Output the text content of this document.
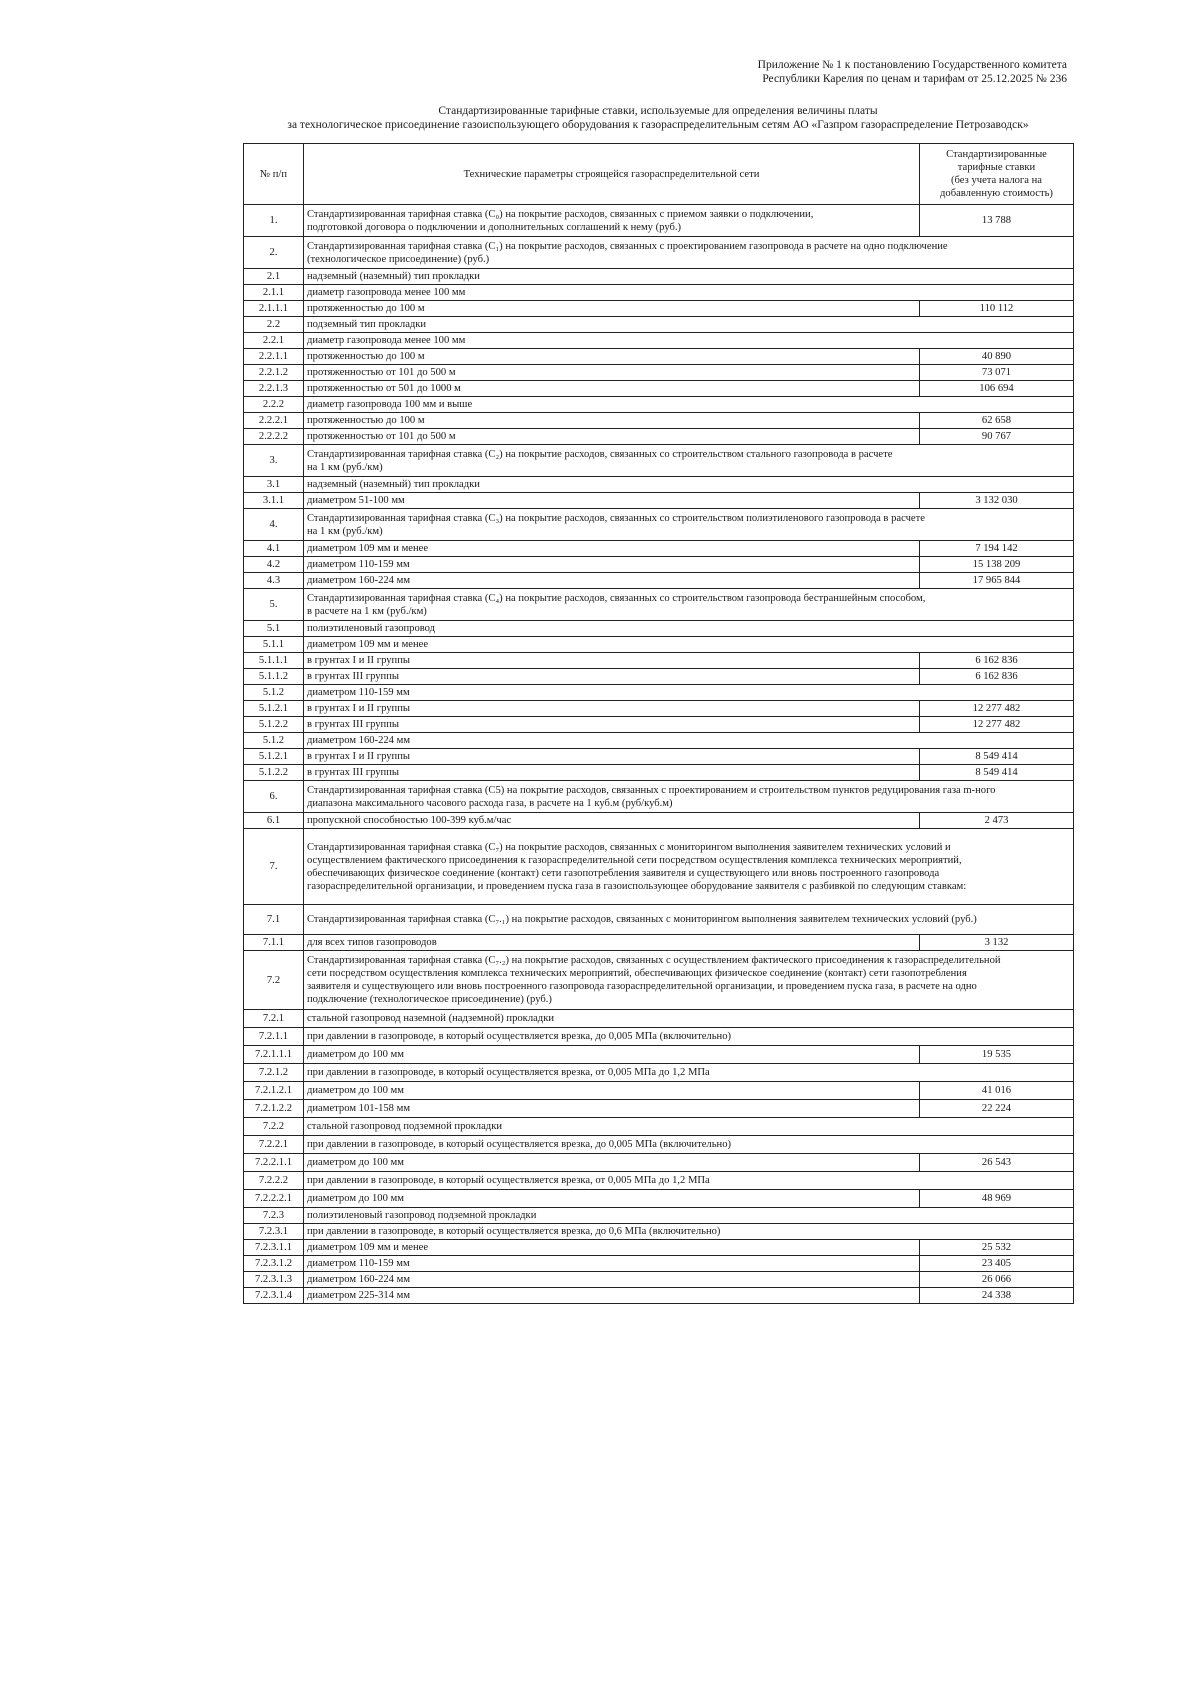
Приложение № 1 к постановлению Государственного комитета
Республики Карелия по ценам и тарифам от 25.12.2025 № 236
Стандартизированные тарифные ставки, используемые для определения величины платы
за технологическое присоединение газоиспользующего оборудования к газораспределительным сетям АО «Газпром газораспределение Петрозаводск»
№ п/п	Технические параметры строящейся газораспределительной сети	Стандартизированные
тарифные ставки
(без учета налога на
добавленную стоимость)
1.	Стандартизированная тарифная ставка (С₀) на покрытие расходов, связанных с приемом заявки о подключении,
подготовкой договора о подключении и дополнительных соглашений к нему (руб.)	13 788
2.	Стандартизированная тарифная ставка (С₁) на покрытие расходов, связанных с проектированием газопровода в расчете на одно подключение
(технологическое присоединение) (руб.)	
2.1	надземный (наземный) тип прокладки	
2.1.1	диаметр газопровода менее 100 мм	
2.1.1.1	протяженностью до 100 м	110 112
2.2	подземный тип прокладки	
2.2.1	диаметр газопровода менее 100 мм	
2.2.1.1	протяженностью до 100 м	40 890
2.2.1.2	протяженностью от 101 до 500 м	73 071
2.2.1.3	протяженностью от 501 до 1000 м	106 694
2.2.2	диаметр газопровода 100 мм и выше	
2.2.2.1	протяженностью до 100 м	62 658
2.2.2.2	протяженностью от 101 до 500 м	90 767
3.	Стандартизированная тарифная ставка (С₂) на покрытие расходов, связанных со строительством стального газопровода в расчете
на 1 км (руб./км)	
3.1	надземный (наземный) тип прокладки	
3.1.1	диаметром 51-100 мм	3 132 030
4.	Стандартизированная тарифная ставка (С₃) на покрытие расходов, связанных со строительством полиэтиленового газопровода в расчете
на 1 км (руб./км)	
4.1	диаметром 109 мм и менее	7 194 142
4.2	диаметром 110-159 мм	15 138 209
4.3	диаметром 160-224 мм	17 965 844
5.	Стандартизированная тарифная ставка (С₄) на покрытие расходов, связанных со строительством газопровода бестраншейным способом,
в расчете на 1 км (руб./км)	
5.1	полиэтиленовый газопровод	
5.1.1	диаметром 109 мм и менее	
5.1.1.1	в грунтах I и II группы	6 162 836
5.1.1.2	в грунтах III группы	6 162 836
5.1.2	диаметром 110-159 мм	
5.1.2.1	в грунтах I и II группы	12 277 482
5.1.2.2	в грунтах III группы	12 277 482
5.1.2	диаметром 160-224 мм	
5.1.2.1	в грунтах I и II группы	8 549 414
5.1.2.2	в грунтах III группы	8 549 414
6.	Стандартизированная тарифная ставка (С5) на покрытие расходов, связанных с проектированием и строительством пунктов редуцирования газа m-ного
диапазона максимального часового расхода газа, в расчете на 1 куб.м (руб/куб.м)	
6.1	пропускной способностью 100-399 куб.м/час	2 473
7.	Стандартизированная тарифная ставка (С₇) на покрытие расходов, связанных с мониторингом выполнения заявителем технических условий и
осуществлением фактического присоединения к газораспределительной сети посредством осуществления комплекса технических мероприятий,
обеспечивающих физическое соединение (контакт) сети газопотребления заявителя и существующего или вновь построенного газопровода
газораспределительной организации, и проведением пуска газа в газоиспользующее оборудование заявителя с разбивкой по следующим ставкам:	
7.1	Стандартизированная тарифная ставка (С₇.₁) на покрытие расходов, связанных с мониторингом выполнения заявителем технических условий (руб.)	
7.1.1	для всех типов газопроводов	3 132
7.2	Стандартизированная тарифная ставка (С₇.₂) на покрытие расходов, связанных с осуществлением фактического присоединения к газораспределительной
сети посредством осуществления комплекса технических мероприятий, обеспечивающих физическое соединение (контакт) сети газопотребления
заявителя и существующего или вновь построенного газопровода газораспределительной организации, и проведением пуска газа, в расчете на одно
подключение (технологическое присоединение) (руб.)	
7.2.1	стальной газопровод наземной (надземной) прокладки	
7.2.1.1	при давлении в газопроводе, в который осуществляется врезка, до 0,005 МПа (включительно)	
7.2.1.1.1	диаметром до 100 мм	19 535
7.2.1.2	при давлении в газопроводе, в который осуществляется врезка, от 0,005 МПа до 1,2 МПа	
7.2.1.2.1	диаметром до 100 мм	41 016
7.2.1.2.2	диаметром 101-158 мм	22 224
7.2.2	стальной газопровод подземной прокладки	
7.2.2.1	при давлении в газопроводе, в который осуществляется врезка, до 0,005 МПа (включительно)	
7.2.2.1.1	диаметром до 100 мм	26 543
7.2.2.2	при давлении в газопроводе, в который осуществляется врезка, от 0,005 МПа до 1,2 МПа	
7.2.2.2.1	диаметром до 100 мм	48 969
7.2.3	полиэтиленовый газопровод подземной прокладки	
7.2.3.1	при давлении в газопроводе, в который осуществляется врезка, до 0,6 МПа (включительно)	
7.2.3.1.1	диаметром 109 мм и менее	25 532
7.2.3.1.2	диаметром 110-159 мм	23 405
7.2.3.1.3	диаметром 160-224 мм	26 066
7.2.3.1.4	диаметром 225-314 мм	24 338
